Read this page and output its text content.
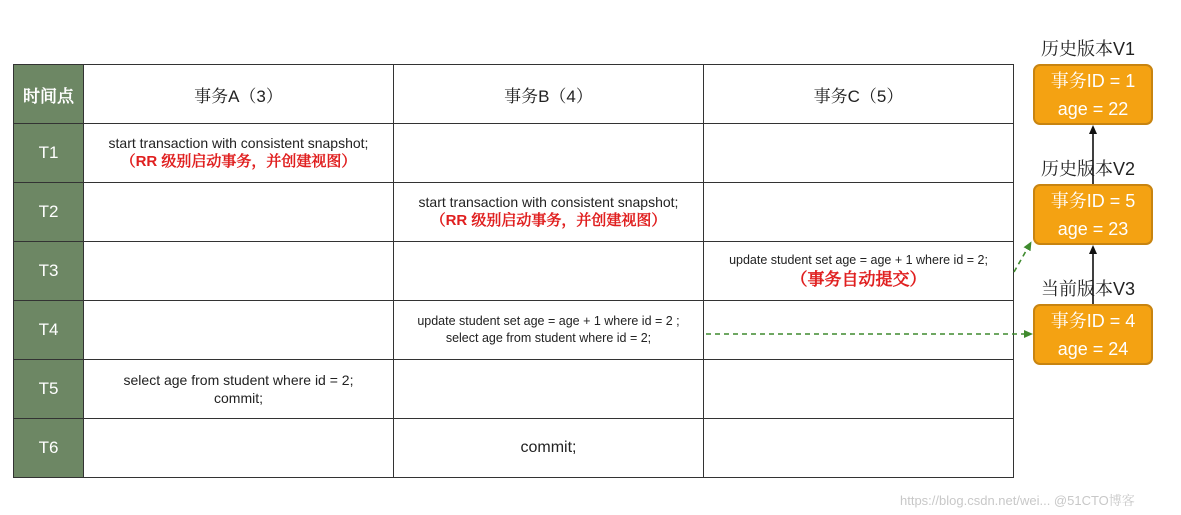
时间点	事务A（3）	事务B（4）	事务C（5）
T1	start transaction with consistent snapshot;
（RR 级别启动事务，并创建视图）		

T2		start transaction with consistent snapshot;
（RR 级别启动事务，并创建视图）	

T3			update student set age = age + 1 where id = 2;
（事务自动提交）

T4		update student set age = age + 1 where id = 2 ;
select age from student where id = 2;	

T5	select age from student where id = 2;
commit;		

T6		commit;	

历史版本V1
事务ID = 1
age = 22
历史版本V2
事务ID = 5
age = 23
当前版本V3
事务ID = 4
age = 24
https://blog.csdn.net/wei... @51CTO博客
